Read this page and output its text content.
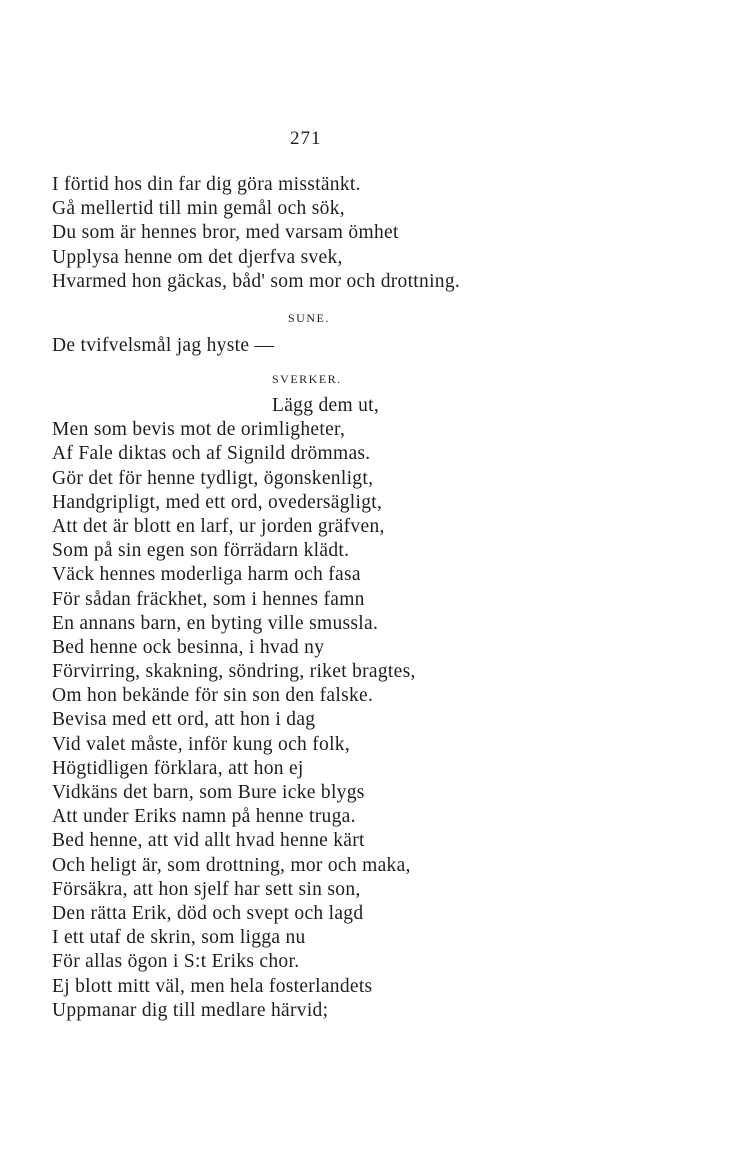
271
I förtid hos din far dig göra misstänkt.
Gå mellertid till min gemål och sök,
Du som är hennes bror, med varsam ömhet
Upplysa henne om det djerfva svek,
Hvarmed hon gäckas, båd' som mor och drottning.
SUNE.
De tvifvelsmål jag hyste —
SVERKER.
Lägg dem ut,
Men som bevis mot de orimligheter,
Af Fale diktas och af Signild drömmas.
Gör det för henne tydligt, ögonskenligt,
Handgripligt, med ett ord, ovedersägligt,
Att det är blott en larf, ur jorden gräfven,
Som på sin egen son förrädarn klädt.
Väck hennes moderliga harm och fasa
För sådan fräckhet, som i hennes famn
En annans barn, en byting ville smussla.
Bed henne ock besinna, i hvad ny
Förvirring, skakning, söndring, riket bragtes,
Om hon bekände för sin son den falske.
Bevisa med ett ord, att hon i dag
Vid valet måste, inför kung och folk,
Högtidligen förklara, att hon ej
Vidkäns det barn, som Bure icke blygs
Att under Eriks namn på henne truga.
Bed henne, att vid allt hvad henne kärt
Och heligt är, som drottning, mor och maka,
Försäkra, att hon sjelf har sett sin son,
Den rätta Erik, död och svept och lagd
I ett utaf de skrin, som ligga nu
För allas ögon i S:t Eriks chor.
Ej blott mitt väl, men hela fosterlandets
Uppmanar dig till medlare härvid;
